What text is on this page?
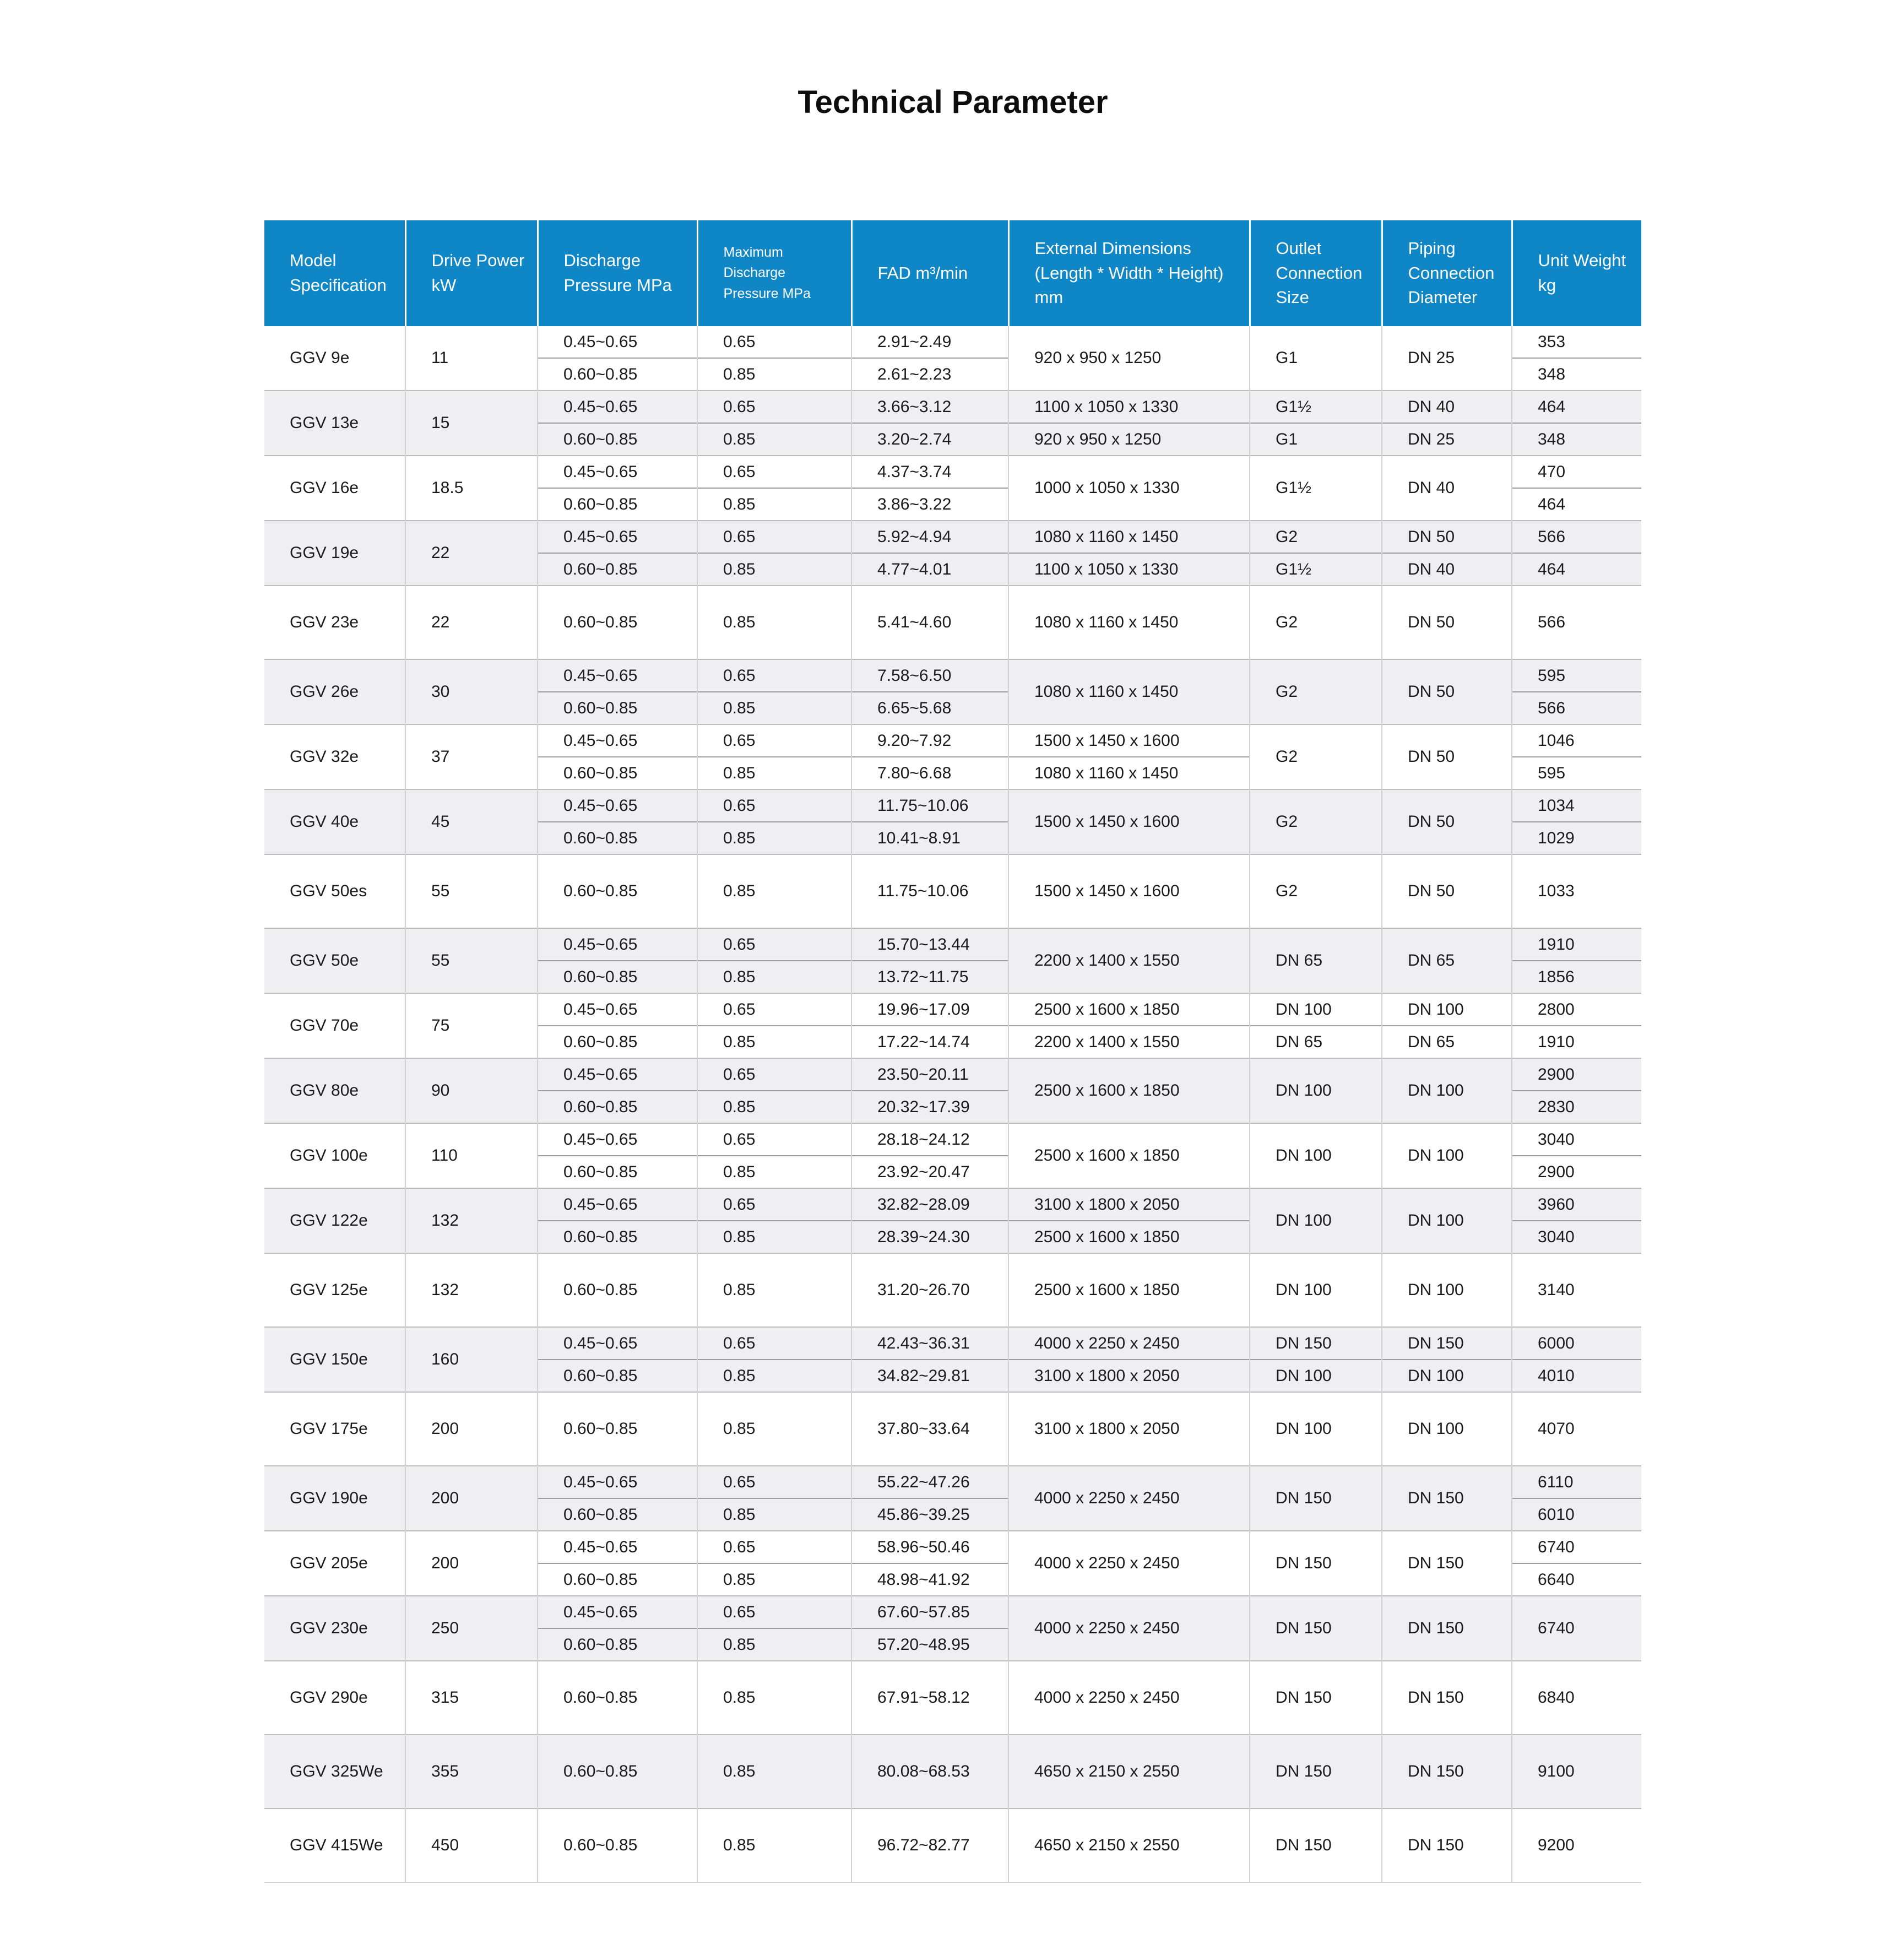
Technical Parameter
Model Specification	Drive Power kW	Discharge Pressure MPa	Maximum Discharge Pressure MPa	FAD m³/min	External Dimensions (Length * Width * Height) mm	Outlet Connection Size	Piping Connection Diameter	Unit Weight kg
GGV 9e	11	0.45~0.65	0.65	2.91~2.49	920 x 950 x 1250	G1	DN 25	353
		0.60~0.85	0.85	2.61~2.23				348
GGV 13e	15	0.45~0.65	0.65	3.66~3.12	1100 x 1050 x 1330	G1½	DN 40	464
		0.60~0.85	0.85	3.20~2.74	920 x 950 x 1250	G1	DN 25	348
GGV 16e	18.5	0.45~0.65	0.65	4.37~3.74	1000 x 1050 x 1330	G1½	DN 40	470
		0.60~0.85	0.85	3.86~3.22				464
GGV 19e	22	0.45~0.65	0.65	5.92~4.94	1080 x 1160 x 1450	G2	DN 50	566
		0.60~0.85	0.85	4.77~4.01	1100 x 1050 x 1330	G1½	DN 40	464
GGV 23e	22	0.60~0.85	0.85	5.41~4.60	1080 x 1160 x 1450	G2	DN 50	566
GGV 26e	30	0.45~0.65	0.65	7.58~6.50	1080 x 1160 x 1450	G2	DN 50	595
		0.60~0.85	0.85	6.65~5.68				566
GGV 32e	37	0.45~0.65	0.65	9.20~7.92	1500 x 1450 x 1600	G2	DN 50	1046
		0.60~0.85	0.85	7.80~6.68	1080 x 1160 x 1450			595
GGV 40e	45	0.45~0.65	0.65	11.75~10.06	1500 x 1450 x 1600	G2	DN 50	1034
		0.60~0.85	0.85	10.41~8.91				1029
GGV 50es	55	0.60~0.85	0.85	11.75~10.06	1500 x 1450 x 1600	G2	DN 50	1033
GGV 50e	55	0.45~0.65	0.65	15.70~13.44	2200 x 1400 x 1550	DN 65	DN 65	1910
		0.60~0.85	0.85	13.72~11.75				1856
GGV 70e	75	0.45~0.65	0.65	19.96~17.09	2500 x 1600 x 1850	DN 100	DN 100	2800
		0.60~0.85	0.85	17.22~14.74	2200 x 1400 x 1550	DN 65	DN 65	1910
GGV 80e	90	0.45~0.65	0.65	23.50~20.11	2500 x 1600 x 1850	DN 100	DN 100	2900
		0.60~0.85	0.85	20.32~17.39				2830
GGV 100e	110	0.45~0.65	0.65	28.18~24.12	2500 x 1600 x 1850	DN 100	DN 100	3040
		0.60~0.85	0.85	23.92~20.47				2900
GGV 122e	132	0.45~0.65	0.65	32.82~28.09	3100 x 1800 x 2050	DN 100	DN 100	3960
		0.60~0.85	0.85	28.39~24.30	2500 x 1600 x 1850			3040
GGV 125e	132	0.60~0.85	0.85	31.20~26.70	2500 x 1600 x 1850	DN 100	DN 100	3140
GGV 150e	160	0.45~0.65	0.65	42.43~36.31	4000 x 2250 x 2450	DN 150	DN 150	6000
		0.60~0.85	0.85	34.82~29.81	3100 x 1800 x 2050	DN 100	DN 100	4010
GGV 175e	200	0.60~0.85	0.85	37.80~33.64	3100 x 1800 x 2050	DN 100	DN 100	4070
GGV 190e	200	0.45~0.65	0.65	55.22~47.26	4000 x 2250 x 2450	DN 150	DN 150	6110
		0.60~0.85	0.85	45.86~39.25				6010
GGV 205e	200	0.45~0.65	0.65	58.96~50.46	4000 x 2250 x 2450	DN 150	DN 150	6740
		0.60~0.85	0.85	48.98~41.92				6640
GGV 230e	250	0.45~0.65	0.65	67.60~57.85	4000 x 2250 x 2450	DN 150	DN 150	6740
		0.60~0.85	0.85	57.20~48.95				
GGV 290e	315	0.60~0.85	0.85	67.91~58.12	4000 x 2250 x 2450	DN 150	DN 150	6840
GGV 325We	355	0.60~0.85	0.85	80.08~68.53	4650 x 2150 x 2550	DN 150	DN 150	9100
GGV 415We	450	0.60~0.85	0.85	96.72~82.77	4650 x 2150 x 2550	DN 150	DN 150	9200
